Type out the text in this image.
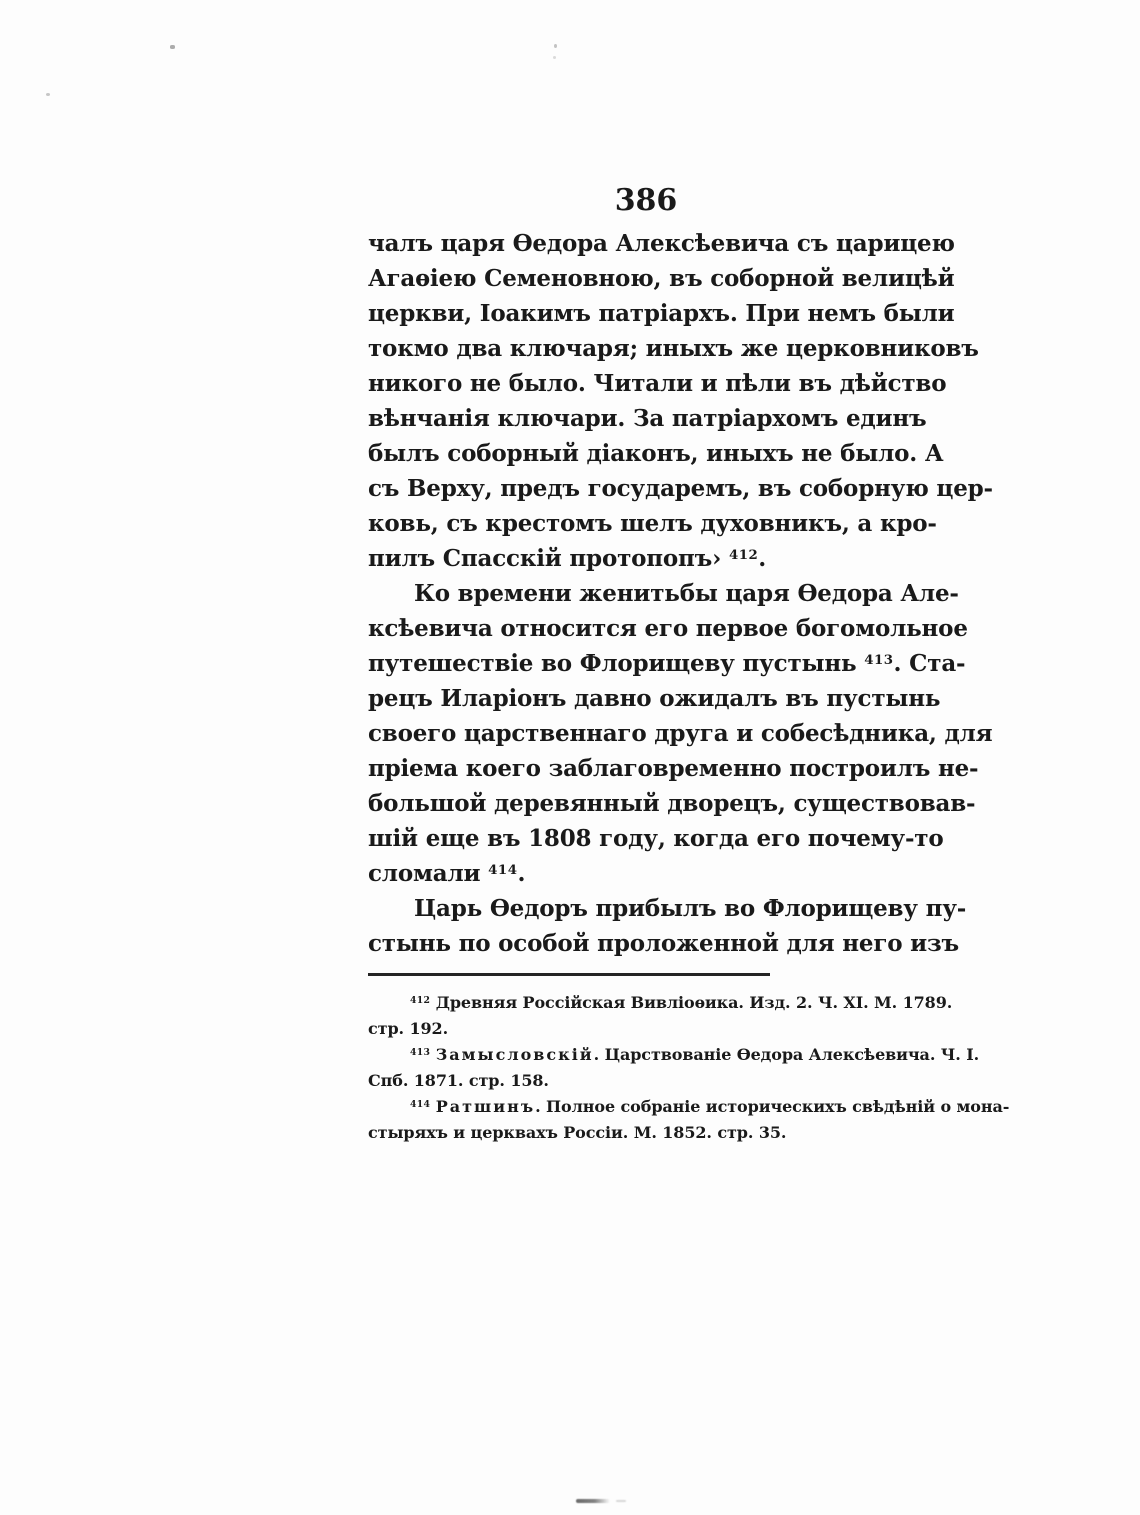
386
чалъ царя Ѳедора Алексѣевича съ царицею
Агаѳіею Семеновною, въ соборной велицѣй
церкви, Іоакимъ патріархъ. При немъ были
токмо два ключаря; иныхъ же церковниковъ
никого не было. Читали и пѣли въ дѣйство
вѣнчанія ключари. За патріархомъ единъ
былъ соборный діаконъ, иныхъ не было. А
съ Верху, предъ государемъ, въ соборную цер-
ковь, съ крестомъ шелъ духовникъ, а кро-
пилъ Спасскій протопопъ› $^{412}$.
Ко времени женитьбы царя Ѳедора Але-
ксѣевича относится его первое богомольное
путешествіе во Флорищеву пустынь $^{413}$. Ста-
рецъ Иларіонъ давно ожидалъ въ пустынь
своего царственнаго друга и собесѣдника, для
пріема коего заблаговременно построилъ не-
большой деревянный дворецъ, существовав-
шій еще въ 1808 году, когда его почему-то
сломали $^{414}$.
Царь Ѳедоръ прибылъ во Флорищеву пу-
стынь по особой проложенной для него изъ
$^{412}$ Древняя Россійская Вивліоѳика. Изд. 2. Ч. XI. М. 1789.
стр. 192.
$^{413}$ Замысловскій. Царствованіе Ѳедора Алексѣевича. Ч. I.
Спб. 1871. стр. 158.
$^{414}$ Ратшинъ. Полное собраніе историческихъ свѣдѣній о мона-
стыряхъ и церквахъ Россіи. М. 1852. стр. 35.
